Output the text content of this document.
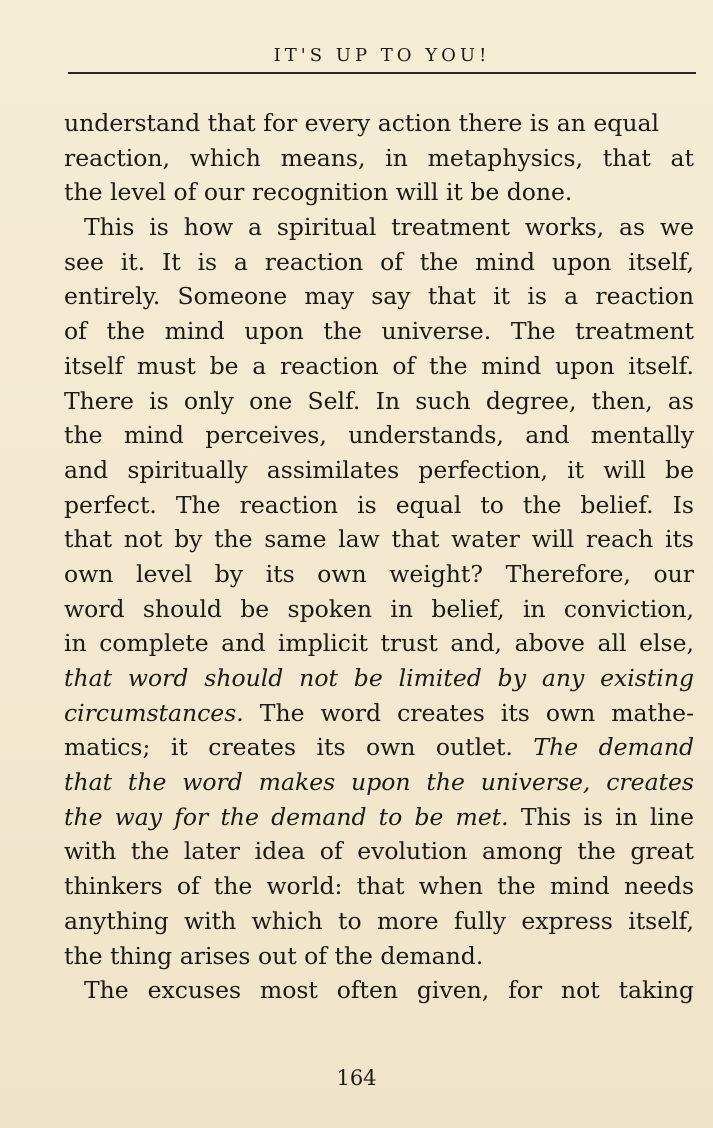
IT'S UP TO YOU!
understand that for every action there is an equal
reaction, which means, in metaphysics, that at
the level of our recognition will it be done.
This is how a spiritual treatment works, as we
see it. It is a reaction of the mind upon itself,
entirely. Someone may say that it is a reaction
of the mind upon the universe. The treatment
itself must be a reaction of the mind upon itself.
There is only one Self. In such degree, then, as
the mind perceives, understands, and mentally
and spiritually assimilates perfection, it will be
perfect. The reaction is equal to the belief. Is
that not by the same law that water will reach its
own level by its own weight? Therefore, our
word should be spoken in belief, in conviction,
in complete and implicit trust and, above all else,
that word should not be limited by any existing
circumstances. The word creates its own mathe-
matics; it creates its own outlet. The demand
that the word makes upon the universe, creates
the way for the demand to be met. This is in line
with the later idea of evolution among the great
thinkers of the world: that when the mind needs
anything with which to more fully express itself,
the thing arises out of the demand.
The excuses most often given, for not taking
164
